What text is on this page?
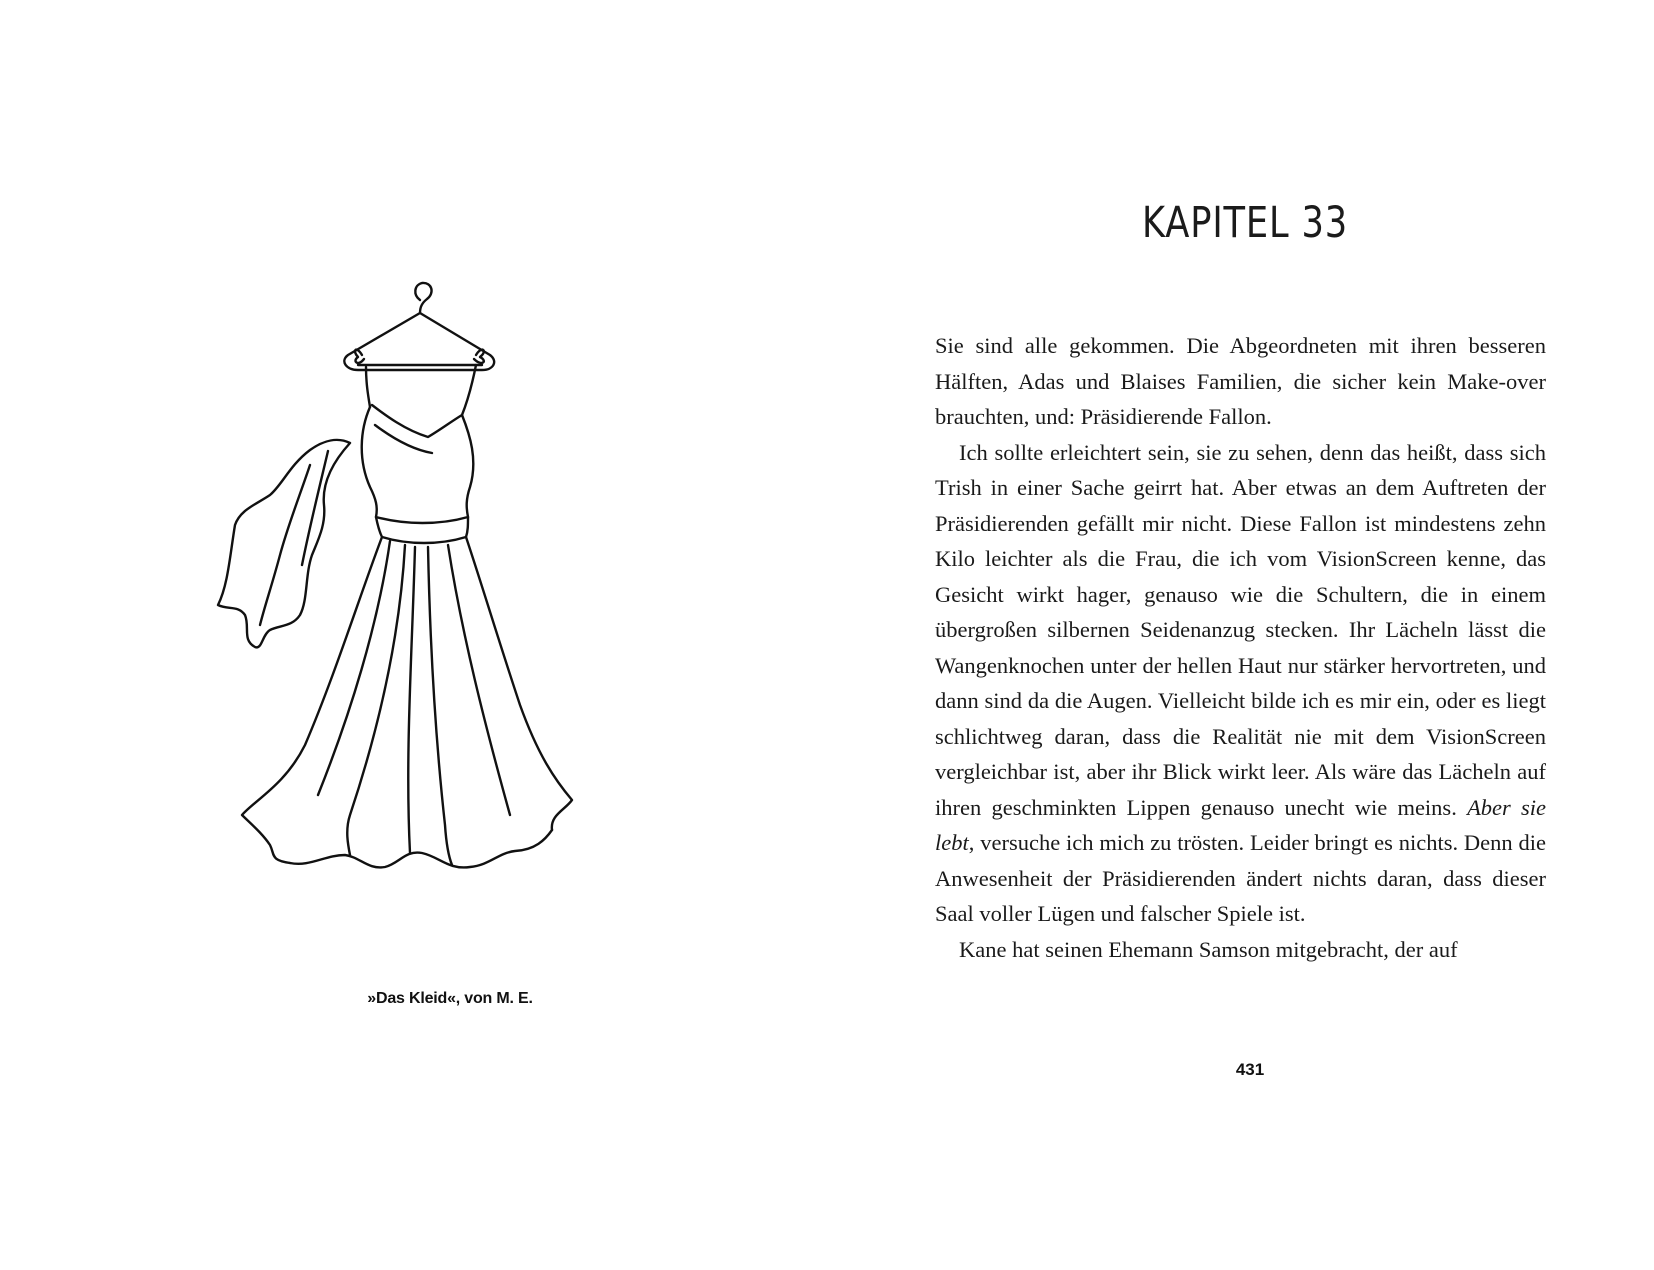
»Das Kleid«, von M. E.
KAPITEL 33

Sie sind alle gekommen. Die Abgeordneten mit ihren besseren Hälften, Adas und Blaises Familien, die sicher kein Make-over brauchten, und: Präsidierende Fallon.

Ich sollte erleichtert sein, sie zu sehen, denn das heißt, dass sich Trish in einer Sache geirrt hat. Aber etwas an dem Auftreten der Präsidierenden gefällt mir nicht. Diese Fallon ist mindestens zehn Kilo leichter als die Frau, die ich vom VisionScreen kenne, das Gesicht wirkt hager, genauso wie die Schultern, die in einem übergroßen silbernen Seidenanzug stecken. Ihr Lächeln lässt die Wangenknochen unter der hellen Haut nur stärker hervortreten, und dann sind da die Augen. Vielleicht bilde ich es mir ein, oder es liegt schlichtweg daran, dass die Realität nie mit dem VisionScreen vergleichbar ist, aber ihr Blick wirkt leer. Als wäre das Lächeln auf ihren geschminkten Lippen genauso unecht wie meins. Aber sie lebt, versuche ich mich zu trösten. Leider bringt es nichts. Denn die Anwesenheit der Präsidierenden ändert nichts daran, dass dieser Saal voller Lügen und falscher Spiele ist.

Kane hat seinen Ehemann Samson mitgebracht, der auf

431
